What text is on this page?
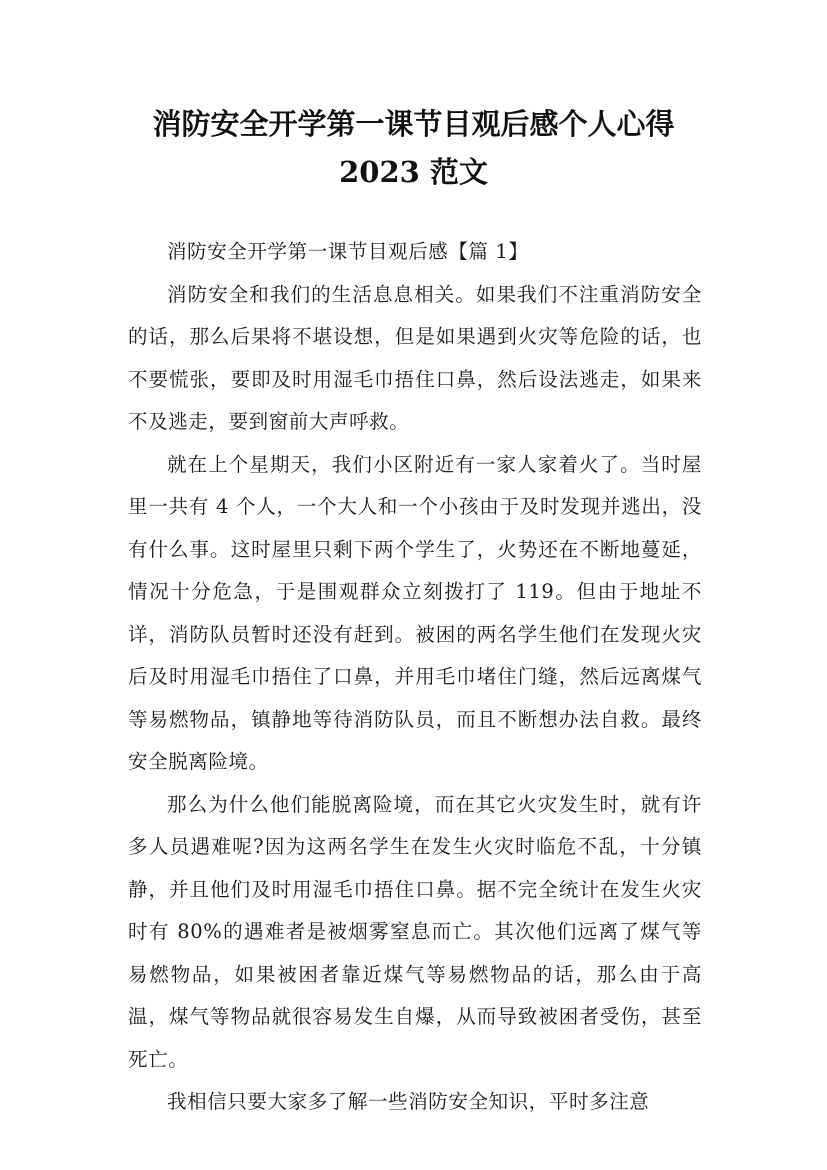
消防安全开学第一课节目观后感个人心得
2023 范文

消防安全开学第一课节目观后感【篇 1】

消防安全和我们的生活息息相关。如果我们不注重消防安全的话，那么后果将不堪设想，但是如果遇到火灾等危险的话，也不要慌张，要即及时用湿毛巾捂住口鼻，然后设法逃走，如果来不及逃走，要到窗前大声呼救。

就在上个星期天，我们小区附近有一家人家着火了。当时屋里一共有 4 个人，一个大人和一个小孩由于及时发现并逃出，没有什么事。这时屋里只剩下两个学生了，火势还在不断地蔓延，情况十分危急，于是围观群众立刻拨打了 119。但由于地址不详，消防队员暂时还没有赶到。被困的两名学生他们在发现火灾后及时用湿毛巾捂住了口鼻，并用毛巾堵住门缝，然后远离煤气等易燃物品，镇静地等待消防队员，而且不断想办法自救。最终安全脱离险境。

那么为什么他们能脱离险境，而在其它火灾发生时，就有许多人员遇难呢?因为这两名学生在发生火灾时临危不乱，十分镇静，并且他们及时用湿毛巾捂住口鼻。据不完全统计在发生火灾时有 80%的遇难者是被烟雾窒息而亡。其次他们远离了煤气等易燃物品，如果被困者靠近煤气等易燃物品的话，那么由于高温，煤气等物品就很容易发生自爆，从而导致被困者受伤，甚至死亡。

我相信只要大家多了解一些消防安全知识，平时多注意
